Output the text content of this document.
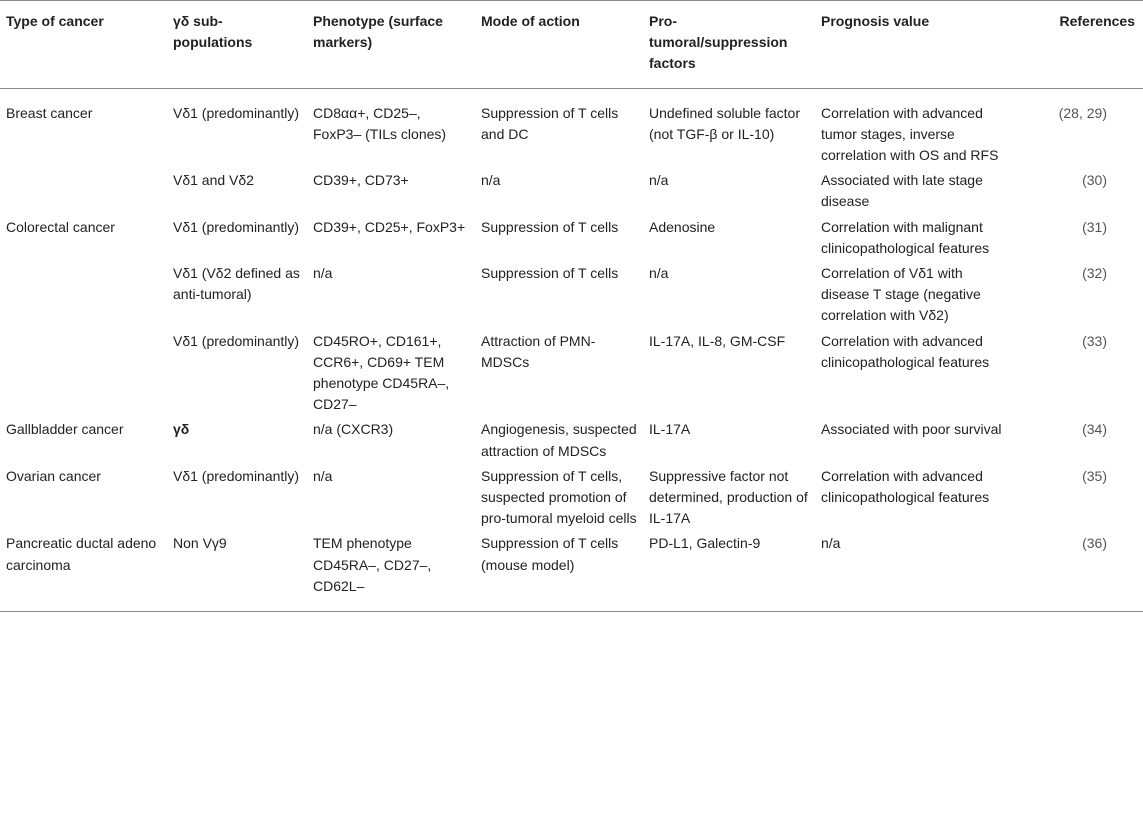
Type of cancer	γδ sub-populations	Phenotype (surface markers)	Mode of action	Pro-tumoral/suppression factors	Prognosis value	References
Breast cancer	Vδ1 (predominantly)	CD8αα+, CD25–, FoxP3– (TILs clones)	Suppression of T cells and DC	Undefined soluble factor (not TGF-β or IL-10)	Correlation with advanced tumor stages, inverse correlation with OS and RFS	(28, 29)
	Vδ1 and Vδ2	CD39+, CD73+	n/a	n/a	Associated with late stage disease	(30)
Colorectal cancer	Vδ1 (predominantly)	CD39+, CD25+, FoxP3+	Suppression of T cells	Adenosine	Correlation with malignant clinicopathological features	(31)
	Vδ1 (Vδ2 defined as anti-tumoral)	n/a	Suppression of T cells	n/a	Correlation of Vδ1 with disease T stage (negative correlation with Vδ2)	(32)
	Vδ1 (predominantly)	CD45RO+, CD161+, CCR6+, CD69+ TEM phenotype CD45RA–, CD27–	Attraction of PMN-MDSCs	IL-17A, IL-8, GM-CSF	Correlation with advanced clinicopathological features	(33)
Gallbladder cancer	γδ	n/a (CXCR3)	Angiogenesis, suspected attraction of MDSCs	IL-17A	Associated with poor survival	(34)
Ovarian cancer	Vδ1 (predominantly)	n/a	Suppression of T cells, suspected promotion of pro-tumoral myeloid cells	Suppressive factor not determined, production of IL-17A	Correlation with advanced clinicopathological features	(35)
Pancreatic ductal adeno carcinoma	Non Vγ9	TEM phenotype CD45RA–, CD27–, CD62L–	Suppression of T cells (mouse model)	PD-L1, Galectin-9	n/a	(36)
